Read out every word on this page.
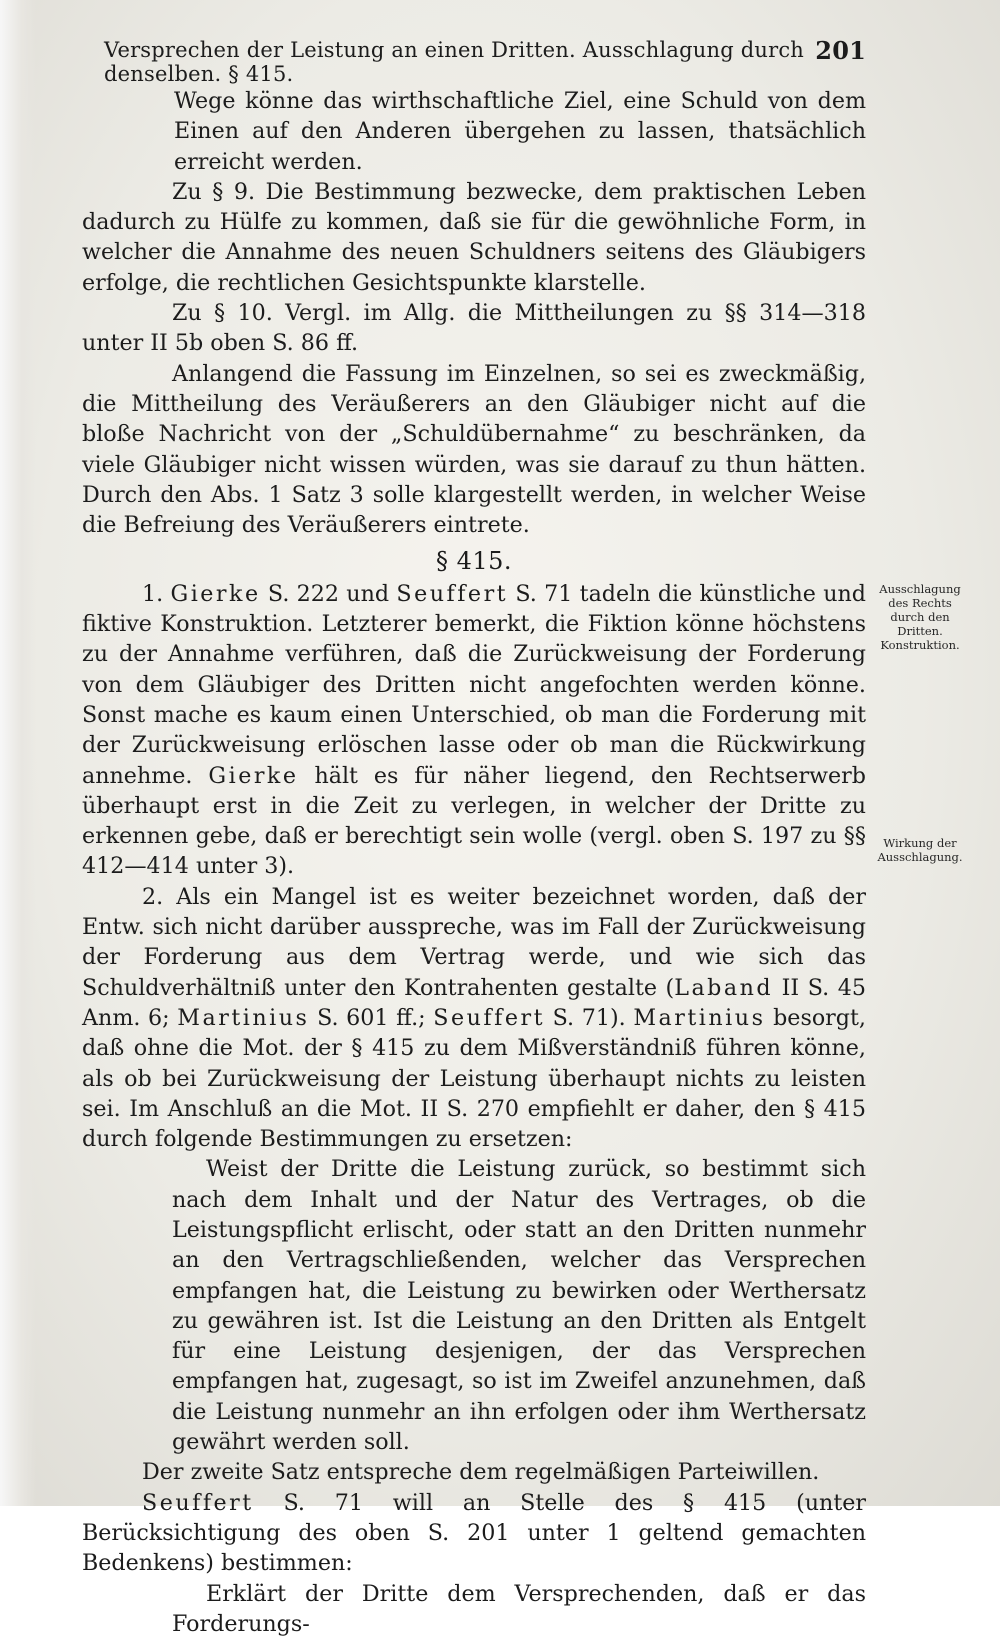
Versprechen der Leistung an einen Dritten. Ausschlagung durch denselben. § 415.
201

Wege könne das wirthschaftliche Ziel, eine Schuld von dem Einen auf den Anderen übergehen zu lassen, thatsächlich erreicht werden.

Zu § 9. Die Bestimmung bezwecke, dem praktischen Leben dadurch zu Hülfe zu kommen, daß sie für die gewöhnliche Form, in welcher die Annahme des neuen Schuldners seitens des Gläubigers erfolge, die rechtlichen Gesichtspunkte klarstelle.

Zu § 10. Vergl. im Allg. die Mittheilungen zu §§ 314—318 unter II 5b oben S. 86 ff.

Anlangend die Fassung im Einzelnen, so sei es zweckmäßig, die Mittheilung des Veräußerers an den Gläubiger nicht auf die bloße Nachricht von der „Schuldübernahme“ zu beschränken, da viele Gläubiger nicht wissen würden, was sie darauf zu thun hätten. Durch den Abs. 1 Satz 3 solle klargestellt werden, in welcher Weise die Befreiung des Veräußerers eintrete.

§ 415.

1. Gierke S. 222 und Seuffert S. 71 tadeln die künstliche und fiktive Konstruktion. Letzterer bemerkt, die Fiktion könne höchstens zu der Annahme verführen, daß die Zurückweisung der Forderung von dem Gläubiger des Dritten nicht angefochten werden könne. Sonst mache es kaum einen Unterschied, ob man die Forderung mit der Zurückweisung erlöschen lasse oder ob man die Rückwirkung annehme. Gierke hält es für näher liegend, den Rechtserwerb überhaupt erst in die Zeit zu verlegen, in welcher der Dritte zu erkennen gebe, daß er berechtigt sein wolle (vergl. oben S. 197 zu §§ 412—414 unter 3).

2. Als ein Mangel ist es weiter bezeichnet worden, daß der Entw. sich nicht darüber ausspreche, was im Fall der Zurückweisung der Forderung aus dem Vertrag werde, und wie sich das Schuldverhältniß unter den Kontrahenten gestalte (Laband II S. 45 Anm. 6; Martinius S. 601 ff.; Seuffert S. 71). Martinius besorgt, daß ohne die Mot. der § 415 zu dem Mißverständniß führen könne, als ob bei Zurückweisung der Leistung überhaupt nichts zu leisten sei. Im Anschluß an die Mot. II S. 270 empfiehlt er daher, den § 415 durch folgende Bestimmungen zu ersetzen:

Weist der Dritte die Leistung zurück, so bestimmt sich nach dem Inhalt und der Natur des Vertrages, ob die Leistungspflicht erlischt, oder statt an den Dritten nunmehr an den Vertragschließenden, welcher das Versprechen empfangen hat, die Leistung zu bewirken oder Werthersatz zu gewähren ist. Ist die Leistung an den Dritten als Entgelt für eine Leistung desjenigen, der das Versprechen empfangen hat, zugesagt, so ist im Zweifel anzunehmen, daß die Leistung nunmehr an ihn erfolgen oder ihm Werthersatz gewährt werden soll.

Der zweite Satz entspreche dem regelmäßigen Parteiwillen.

Seuffert S. 71 will an Stelle des § 415 (unter Berücksichtigung des oben S. 201 unter 1 geltend gemachten Bedenkens) bestimmen:

Erklärt der Dritte dem Versprechenden, daß er das Forderungs-

Ausschlagung des Rechts durch den Dritten. Konstruktion.
Wirkung der Ausschlagung.
